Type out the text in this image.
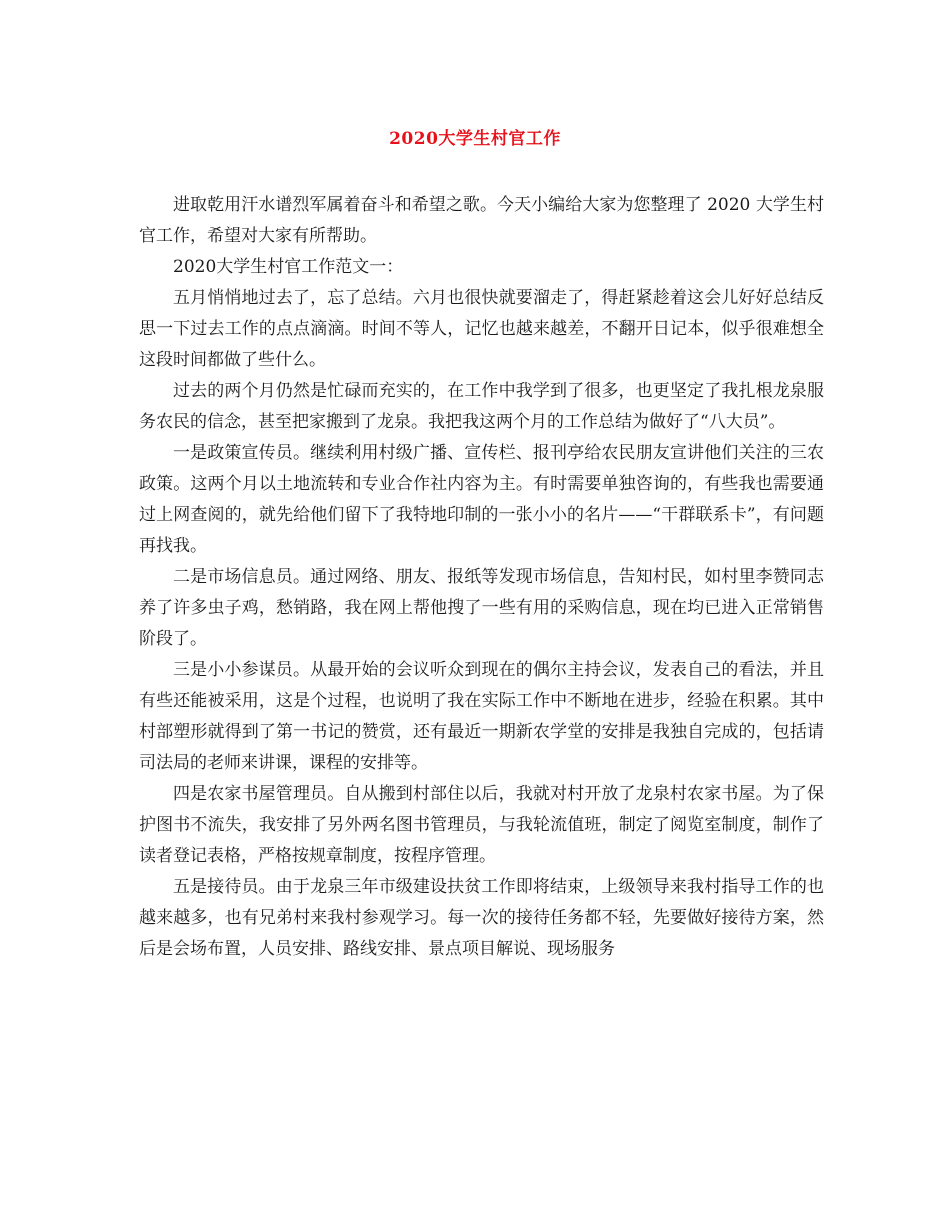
2020大学生村官工作

进取乾用汗水谱烈军属着奋斗和希望之歌。今天小编给大家为您整理了 2020 大学生村官工作，希望对大家有所帮助。

2020大学生村官工作范文一：

五月悄悄地过去了，忘了总结。六月也很快就要溜走了，得赶紧趁着这会儿好好总结反思一下过去工作的点点滴滴。时间不等人，记忆也越来越差，不翻开日记本，似乎很难想全这段时间都做了些什么。

过去的两个月仍然是忙碌而充实的，在工作中我学到了很多，也更坚定了我扎根龙泉服务农民的信念，甚至把家搬到了龙泉。我把我这两个月的工作总结为做好了“八大员”。

一是政策宣传员。继续利用村级广播、宣传栏、报刊亭给农民朋友宣讲他们关注的三农政策。这两个月以土地流转和专业合作社内容为主。有时需要单独咨询的，有些我也需要通过上网查阅的，就先给他们留下了我特地印制的一张小小的名片——“干群联系卡”，有问题再找我。

二是市场信息员。通过网络、朋友、报纸等发现市场信息，告知村民，如村里李赞同志养了许多虫子鸡，愁销路，我在网上帮他搜了一些有用的采购信息，现在均已进入正常销售阶段了。

三是小小参谋员。从最开始的会议听众到现在的偶尔主持会议，发表自己的看法，并且有些还能被采用，这是个过程，也说明了我在实际工作中不断地在进步，经验在积累。其中村部塑形就得到了第一书记的赞赏，还有最近一期新农学堂的安排是我独自完成的，包括请司法局的老师来讲课，课程的安排等。

四是农家书屋管理员。自从搬到村部住以后，我就对村开放了龙泉村农家书屋。为了保护图书不流失，我安排了另外两名图书管理员，与我轮流值班，制定了阅览室制度，制作了读者登记表格，严格按规章制度，按程序管理。

五是接待员。由于龙泉三年市级建设扶贫工作即将结束，上级领导来我村指导工作的也越来越多，也有兄弟村来我村参观学习。每一次的接待任务都不轻，先要做好接待方案，然后是会场布置，人员安排、路线安排、景点项目解说、现场服务
